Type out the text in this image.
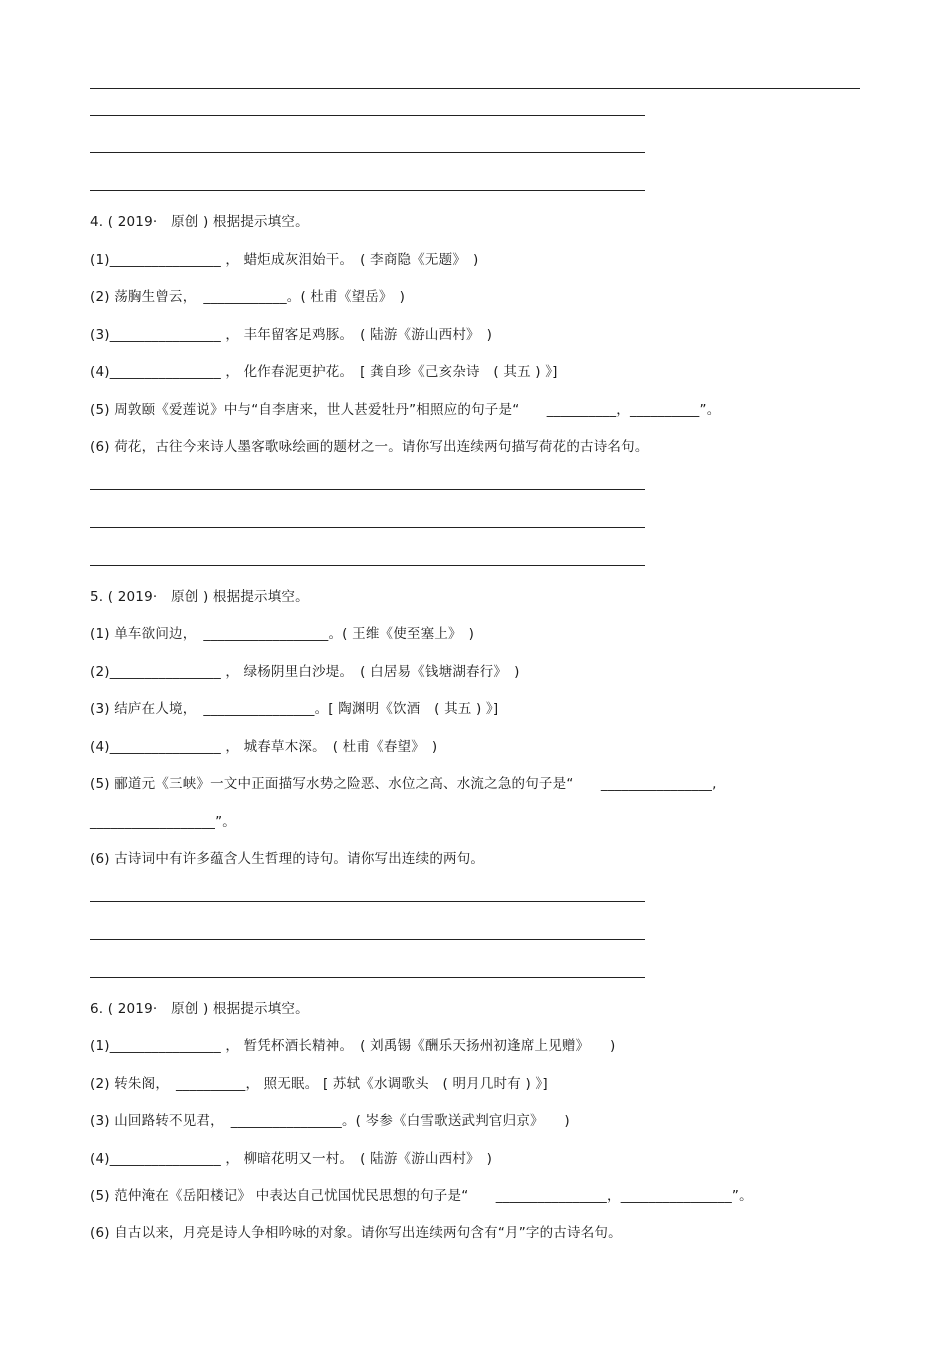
4. ( 2019·　原创 ) 根据提示填空。
(1)________________ ， 蜡炬成灰泪始干。　( 李商隐《无题》　)
(2) 荡胸生曾云，　____________。( 杜甫《望岳》　)
(3)________________ ， 丰年留客足鸡豚。　( 陆游《游山西村》　)
(4)________________ ， 化作春泥更护花。　[ 龚自珍《己亥杂诗　( 其五 ) 》]
(5) 周敦颐《爱莲说》中与“自李唐来，世人甚爱牡丹”相照应的句子是“　　__________，__________”。
(6) 荷花，古往今来诗人墨客歌咏绘画的题材之一。请你写出连续两句描写荷花的古诗名句。
5. ( 2019·　原创 ) 根据提示填空。
(1) 单车欲问边，　__________________。( 王维《使至塞上》　)
(2)________________ ， 绿杨阴里白沙堤。　( 白居易《钱塘湖春行》　)
(3) 结庐在人境，　________________。[ 陶渊明《饮酒　( 其五 ) 》]
(4)________________ ， 城春草木深。　( 杜甫《春望》　)
(5) 郦道元《三峡》一文中正面描写水势之险恶、水位之高、水流之急的句子是“　　________________,
__________________”。
(6) 古诗词中有许多蕴含人生哲理的诗句。请你写出连续的两句。
6. ( 2019·　原创 ) 根据提示填空。
(1)________________ ， 暂凭杯酒长精神。　( 刘禹锡《酬乐天扬州初逢席上见赠》　　)
(2) 转朱阁，　__________， 照无眠。 [ 苏轼《水调歌头　( 明月几时有 ) 》]
(3) 山回路转不见君，　________________。( 岑参《白雪歌送武判官归京》　　)
(4)________________ ， 柳暗花明又一村。　( 陆游《游山西村》　)
(5) 范仲淹在《岳阳楼记》 中表达自己忧国忧民思想的句子是“　　________________，________________”。
(6) 自古以来，月亮是诗人争相吟咏的对象。请你写出连续两句含有“月”字的古诗名句。
